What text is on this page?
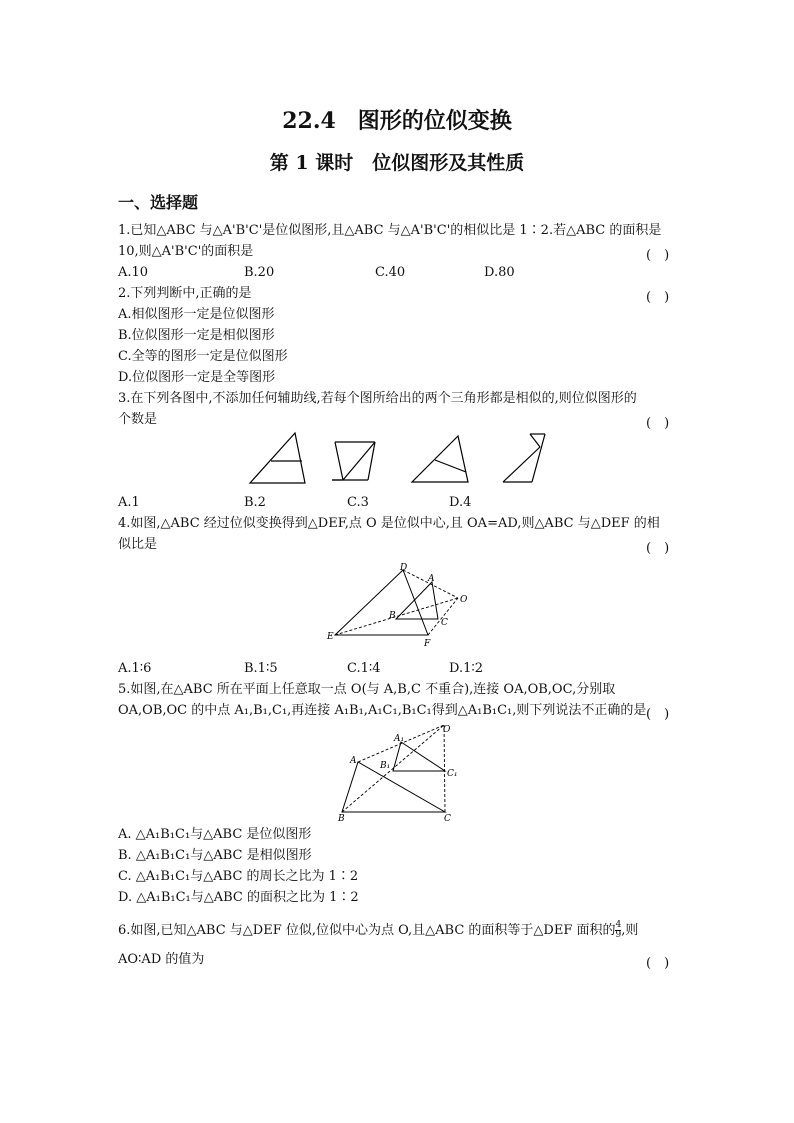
22.4　图形的位似变换
第 1 课时　位似图形及其性质
一、选择题
1.已知△ABC 与△A'B'C'是位似图形,且△ABC 与△A'B'C'的相似比是 1∶2.若△ABC 的面积是
10,则△A'B'C'的面积是	(　)
A.10	B.20	C.40	D.80
2.下列判断中,正确的是	(　)
A.相似图形一定是位似图形
B.位似图形一定是相似图形
C.全等的图形一定是位似图形
D.位似图形一定是全等图形
3.在下列各图中,不添加任何辅助线,若每个图所给出的两个三角形都是相似的,则位似图形的
个数是	(　)
A.1	B.2	C.3	D.4
4.如图,△ABC 经过位似变换得到△DEF,点 O 是位似中心,且 OA=AD,则△ABC 与△DEF 的相
似比是	(　)
D
A
O
B
C
E
F
A.1∶6	B.1∶5	C.1∶4	D.1∶2
5.如图,在△ABC 所在平面上任意取一点 O(与 A,B,C 不重合),连接 OA,OB,OC,分别取
OA,OB,OC 的中点 A₁,B₁,C₁,再连接 A₁B₁,A₁C₁,B₁C₁得到△A₁B₁C₁,则下列说法不正确的是 (　)
O
A₁
A	B₁
C₁
B	C
A. △A₁B₁C₁与△ABC 是位似图形
B. △A₁B₁C₁与△ABC 是相似图形
C. △A₁B₁C₁与△ABC 的周长之比为 1∶2
D. △A₁B₁C₁与△ABC 的面积之比为 1∶2
6.如图,已知△ABC 与△DEF 位似,位似中心为点 O,且△ABC 的面积等于△DEF 面积的 $\frac{4}{9}$ ,则
AO∶AD 的值为	(　)
